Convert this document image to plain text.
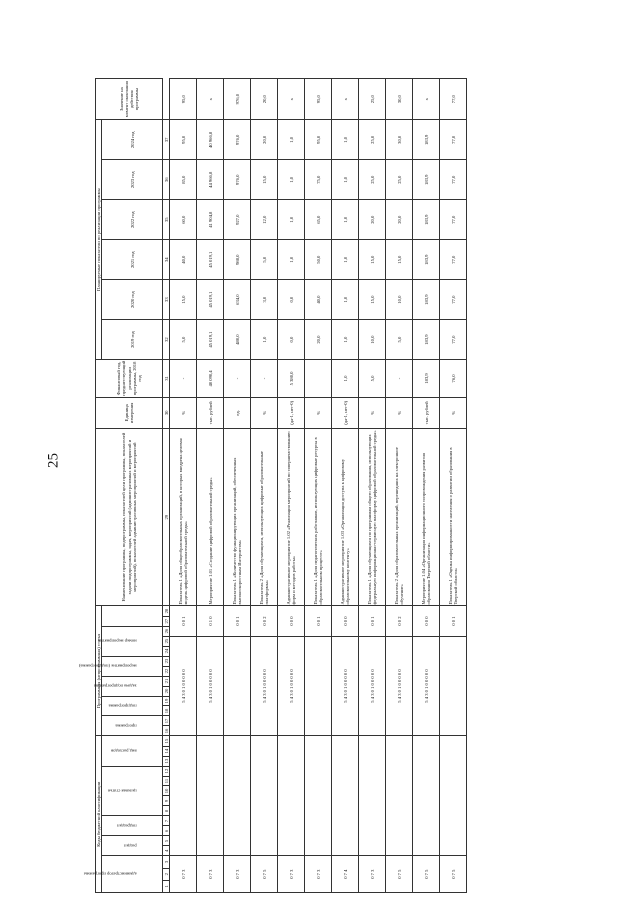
25
Коды бюджетной классификации															Программная (непрограммная) статья													Наименование программы, подпрограммы, показателей цели программы, показателей задачи подпрограммы, задач, мероприятий (административных мероприятий и мероприятий), показателей административных мероприятий и мероприятий	Единица измерения	Финансовый год, предшествующий реализации программы, 2018 год	Планируемые показатели по реализации программы						Значение на момент окончания действия программы

администратор программы			раздел		подраздел		целевая статья					вид расходов			программа		подпрограмма		задача подпрограммы		мероприятие (подпрограмма)		номер мероприятия								2019 год	2020 год	2021 год	2022 год	2023 год	2024 год	
1	2	3	4	5	6	7	8	9	10	11	12	13	14	15	16	17	18	19	20	21	22	23	24	25	26	27	28	29	30	31	32	33	34	35	36	37	
0 7 3															5 4 3 0 1 0 0 0 0 0										0 0 1			Показатель 1 «Доля общеобразовательных организаций, в которых внедрена целевая модель цифровой образовательной среды»	%	-	5,0	15,0	40,0	60,0	85,0	95,0	95,0
0 7 3															5 4 3 0 1 0 0 0 0 0										0 1 0			Мероприятие 1.01 «Создание цифровой образовательной среды»	тыс. рублей	40 090,4	45 019,1	45 019,1	45 019,1	41 904,8	44 966,8	40 966,8	х
0 7 3																									0 0 1			Показатель 1 «Количество функционирующих организаций, обеспеченных высокоскоростным Интернетом»	ед.	-	480,0	634,0	988,0	927,0	976,0	976,0	976,0
0 7 5															5 4 3 0 1 0 0 0 0 0										0 0 2			Показатель 2 «Доля обучающихся, использующих цифровые образовательные платформы»	%	-	1,0	3,0	5,0	12,0	15,0	20,0	20,0
0 7 3															5 4 3 0 1 0 0 0 0 0										0 0 0			Административное мероприятие 1.02 «Реализация мероприятий по совершенствованию форм и методов работы»	(да-1, нет-0)	5 380,0	0,0	0,0	1,0	1,0	1,0	1,0	х
0 7 3																									0 0 1			Показатель 1 «Доля педагогических работников, использующих цифровые ресурсы в образовательном процессе»	%		20,0	40,0	50,0	65,0	75,0	95,0	95,0
0 7 4															5 4 3 0 1 0 0 0 0 0										0 0 0			Административное мероприятие 1.03 «Организация доступа к цифровому образовательному контенту»	(да-1, нет-0)	1,0	1,0	1,0	1,0	1,0	1,0	1,0	х
0 7 3															5 4 3 0 1 0 0 0 0 0										0 0 1			Показатель 1 «Доля обучающихся по программам общего образования, использующих федеральную информационно-сервисную платформу цифровой образовательной среды»	%	5,0	10,0	15,0	15,0	20,0	25,0	25,0	25,0
0 7 5															5 4 3 0 1 0 0 0 0 0										0 0 2			Показатель 2 «Доля образовательных организаций, перешедших на электронное обучение»	%	-	5,0	10,0	15,0	20,0	25,0	30,0	30,0
0 7 5															5 4 3 0 1 0 0 0 0 0										0 0 0			Мероприятие 1.04 «Организация информационного сопровождения развития образования Тверской области»	тыс. рублей	183,9	183,9	183,9	183,9	183,9	183,9	183,9	х
0 7 5																									0 0 1			Показатель 1 «Оценка информированности населения о развитии образования в Тверской области»	%	76,0	77,0	77,0	77,0	77,0	77,0	77,0	77,0
